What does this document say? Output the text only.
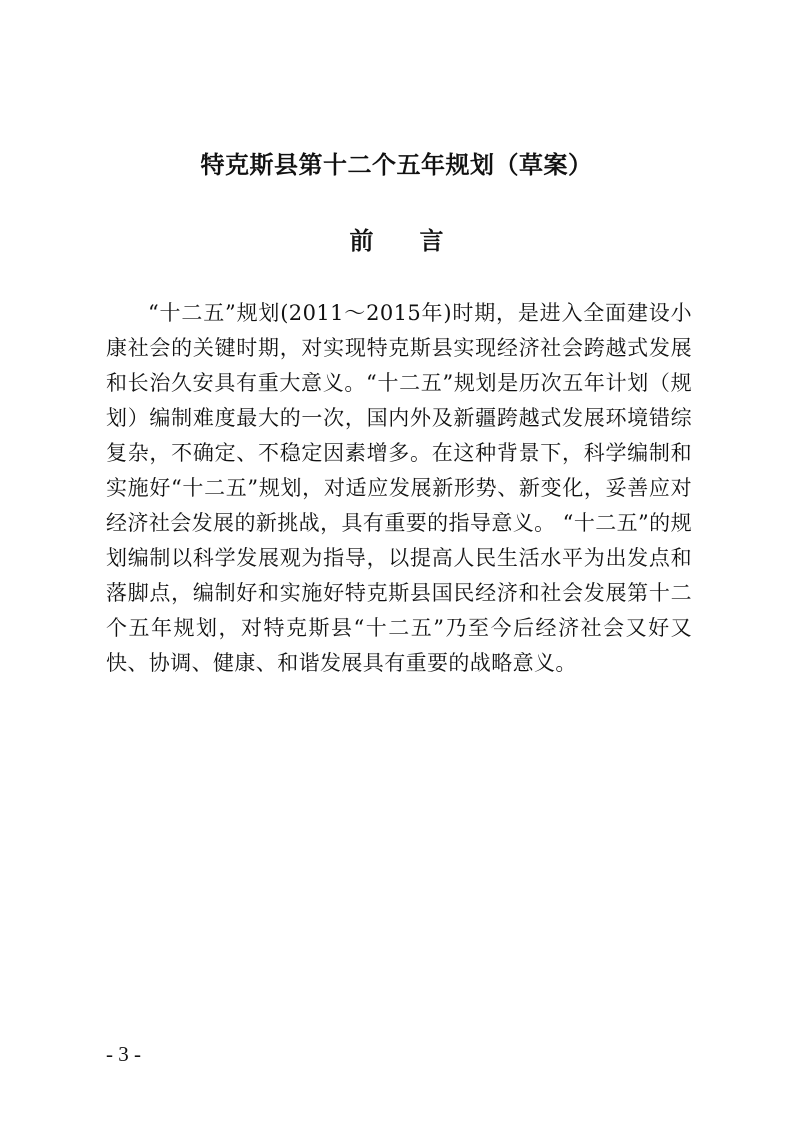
特克斯县第十二个五年规划（草案）
前言

“十二五”规划(2011～2015年)时期，是进入全面建设小康社会的关键时期，对实现特克斯县实现经济社会跨越式发展和长治久安具有重大意义。“十二五”规划是历次五年计划（规划）编制难度最大的一次，国内外及新疆跨越式发展环境错综复杂，不确定、不稳定因素增多。在这种背景下，科学编制和实施好“十二五”规划，对适应发展新形势、新变化，妥善应对经济社会发展的新挑战，具有重要的指导意义。 “十二五”的规划编制以科学发展观为指导，以提高人民生活水平为出发点和落脚点，编制好和实施好特克斯县国民经济和社会发展第十二个五年规划，对特克斯县“十二五”乃至今后经济社会又好又快、协调、健康、和谐发展具有重要的战略意义。

- 3 -
